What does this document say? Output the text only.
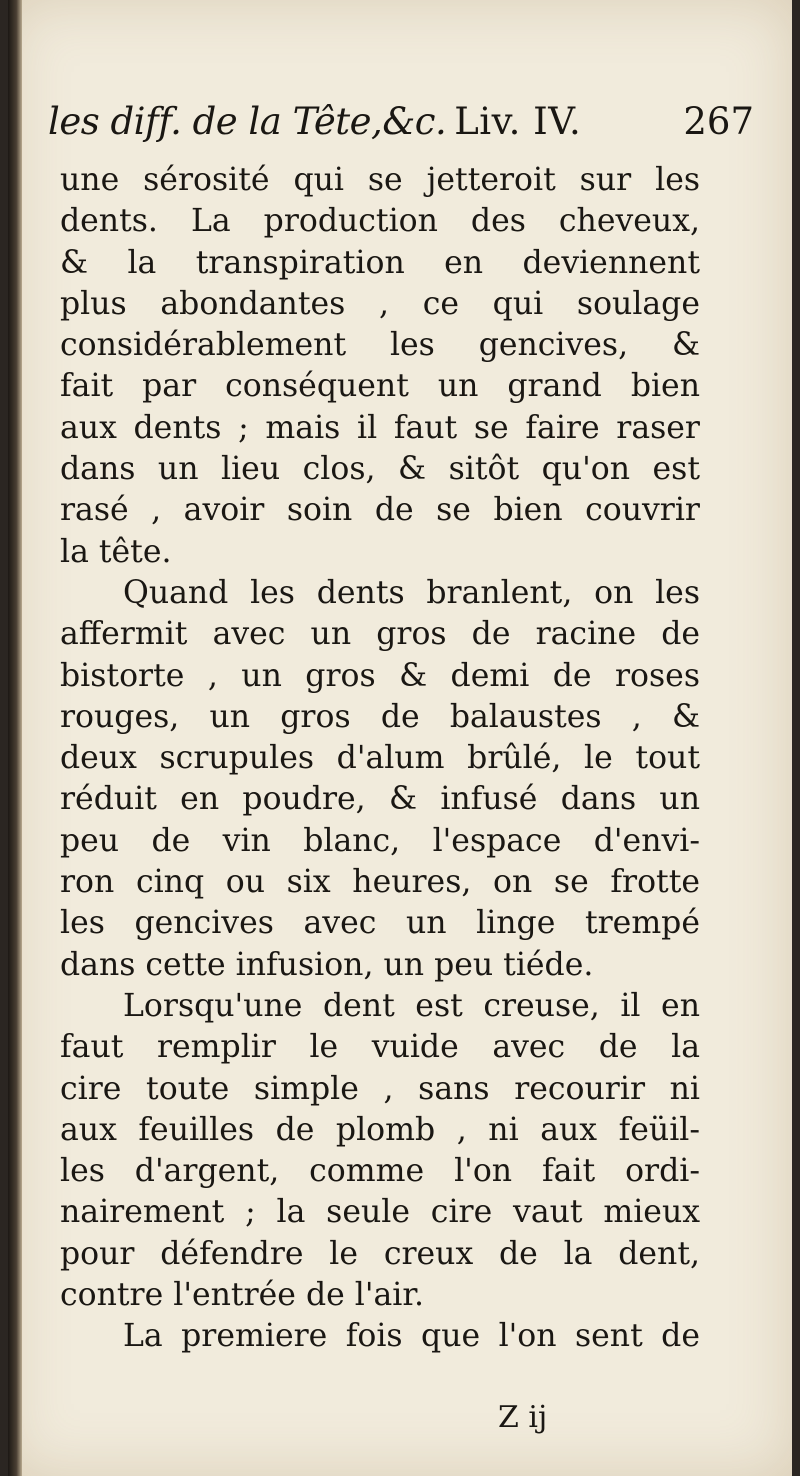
les diff. de la Tête,&c. Liv. IV.	267
une sérosité qui se jetteroit sur les
dents. La production des cheveux,
& la transpiration en deviennent
plus abondantes , ce qui soulage
considérablement les gencives, &
fait par conséquent un grand bien
aux dents ; mais il faut se faire raser
dans un lieu clos, & sitôt qu'on est
rasé , avoir soin de se bien couvrir
la tête.
Quand les dents branlent, on les
affermit avec un gros de racine de
bistorte , un gros & demi de roses
rouges, un gros de balaustes , &
deux scrupules d'alum brûlé, le tout
réduit en poudre, & infusé dans un
peu de vin blanc, l'espace d'envi-
ron cinq ou six heures, on se frotte
les gencives avec un linge trempé
dans cette infusion, un peu tiéde.
Lorsqu'une dent est creuse, il en
faut remplir le vuide avec de la
cire toute simple , sans recourir ni
aux feuilles de plomb , ni aux feüil-
les d'argent, comme l'on fait ordi-
nairement ; la seule cire vaut mieux
pour défendre le creux de la dent,
contre l'entrée de l'air.
La premiere fois que l'on sent de
Z ij
